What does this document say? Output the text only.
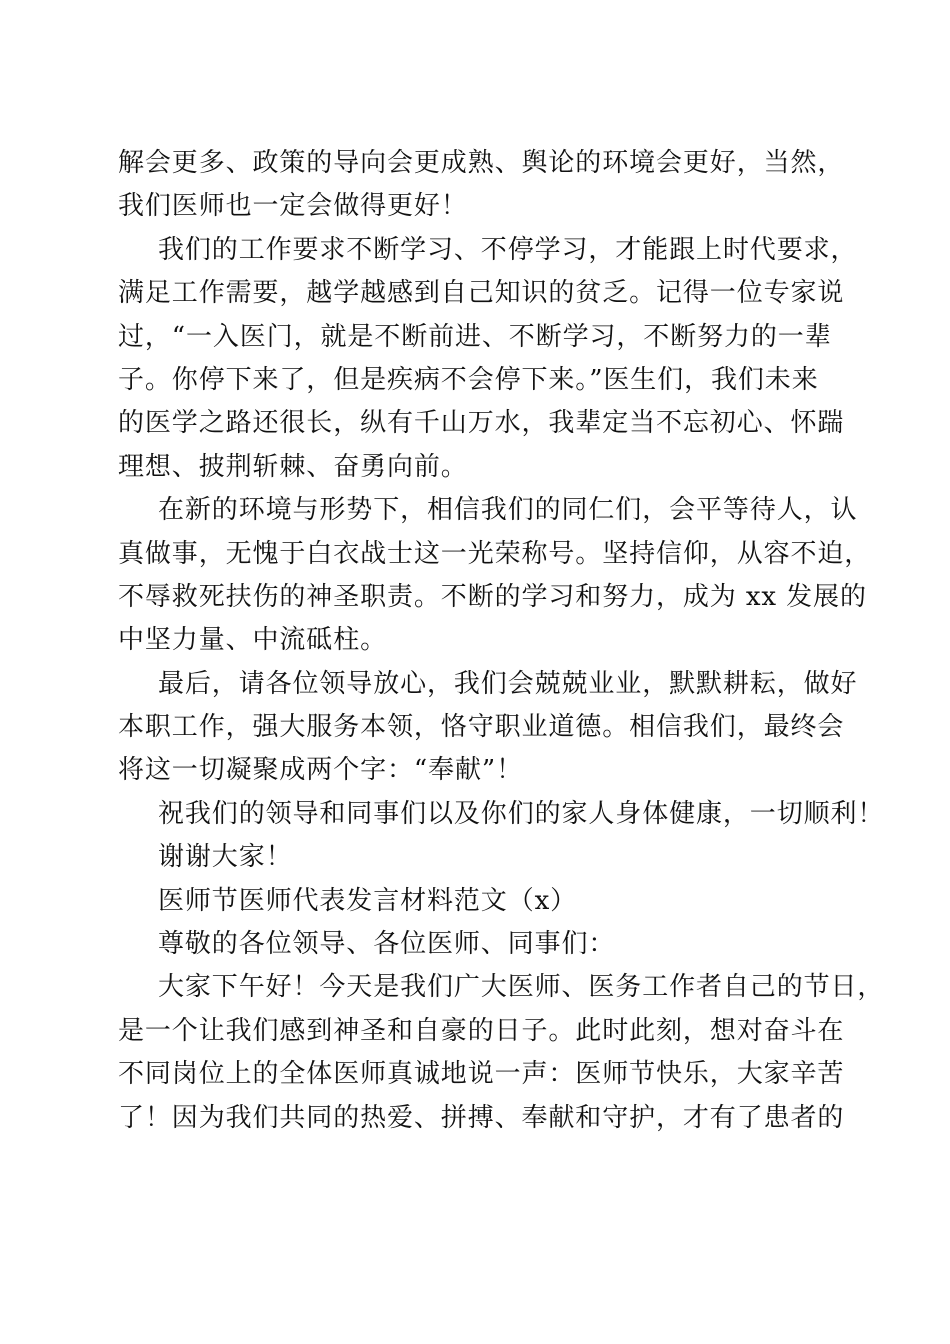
解会更多、政策的导向会更成熟、舆论的环境会更好，当然，
我们医师也一定会做得更好！
我们的工作要求不断学习、不停学习，才能跟上时代要求，
满足工作需要，越学越感到自己知识的贫乏。记得一位专家说
过，“一入医门，就是不断前进、不断学习，不断努力的一辈
子。你停下来了，但是疾病不会停下来。”医生们，我们未来
的医学之路还很长，纵有千山万水，我辈定当不忘初心、怀踹
理想、披荆斩棘、奋勇向前。
在新的环境与形势下，相信我们的同仁们，会平等待人，认
真做事，无愧于白衣战士这一光荣称号。坚持信仰，从容不迫，
不辱救死扶伤的神圣职责。不断的学习和努力，成为 xx 发展的
中坚力量、中流砥柱。
最后，请各位领导放心，我们会兢兢业业，默默耕耘，做好
本职工作，强大服务本领，恪守职业道德。相信我们，最终会
将这一切凝聚成两个字：“奉献”！
祝我们的领导和同事们以及你们的家人身体健康，一切顺利！
谢谢大家！
医师节医师代表发言材料范文（x）
尊敬的各位领导、各位医师、同事们：
大家下午好！今天是我们广大医师、医务工作者自己的节日，
是一个让我们感到神圣和自豪的日子。此时此刻，想对奋斗在
不同岗位上的全体医师真诚地说一声：医师节快乐，大家辛苦
了！因为我们共同的热爱、拼搏、奉献和守护，才有了患者的
